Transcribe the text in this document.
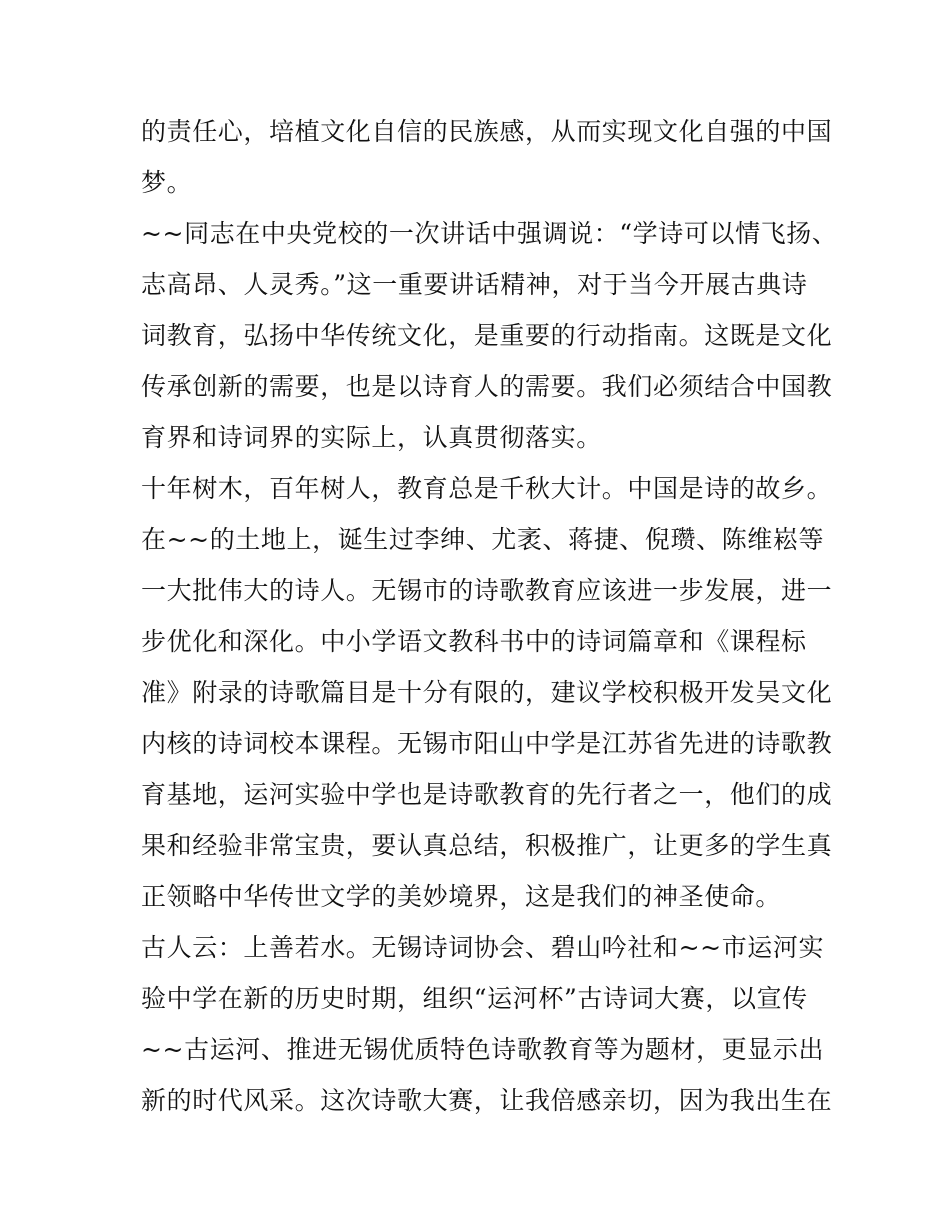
的责任心，培植文化自信的民族感，从而实现文化自强的中国
梦。
~~同志在中央党校的一次讲话中强调说：“学诗可以情飞扬、
志高昂、人灵秀。”这一重要讲话精神，对于当今开展古典诗
词教育，弘扬中华传统文化，是重要的行动指南。这既是文化
传承创新的需要，也是以诗育人的需要。我们必须结合中国教
育界和诗词界的实际上，认真贯彻落实。
十年树木，百年树人，教育总是千秋大计。中国是诗的故乡。
在~~的土地上，诞生过李绅、尤袤、蒋捷、倪瓒、陈维崧等
一大批伟大的诗人。无锡市的诗歌教育应该进一步发展，进一
步优化和深化。中小学语文教科书中的诗词篇章和《课程标
准》附录的诗歌篇目是十分有限的，建议学校积极开发吴文化
内核的诗词校本课程。无锡市阳山中学是江苏省先进的诗歌教
育基地，运河实验中学也是诗歌教育的先行者之一，他们的成
果和经验非常宝贵，要认真总结，积极推广，让更多的学生真
正领略中华传世文学的美妙境界，这是我们的神圣使命。
古人云：上善若水。无锡诗词协会、碧山吟社和~~市运河实
验中学在新的历史时期，组织“运河杯”古诗词大赛，以宣传
~~古运河、推进无锡优质特色诗歌教育等为题材，更显示出
新的时代风采。这次诗歌大赛，让我倍感亲切，因为我出生在
